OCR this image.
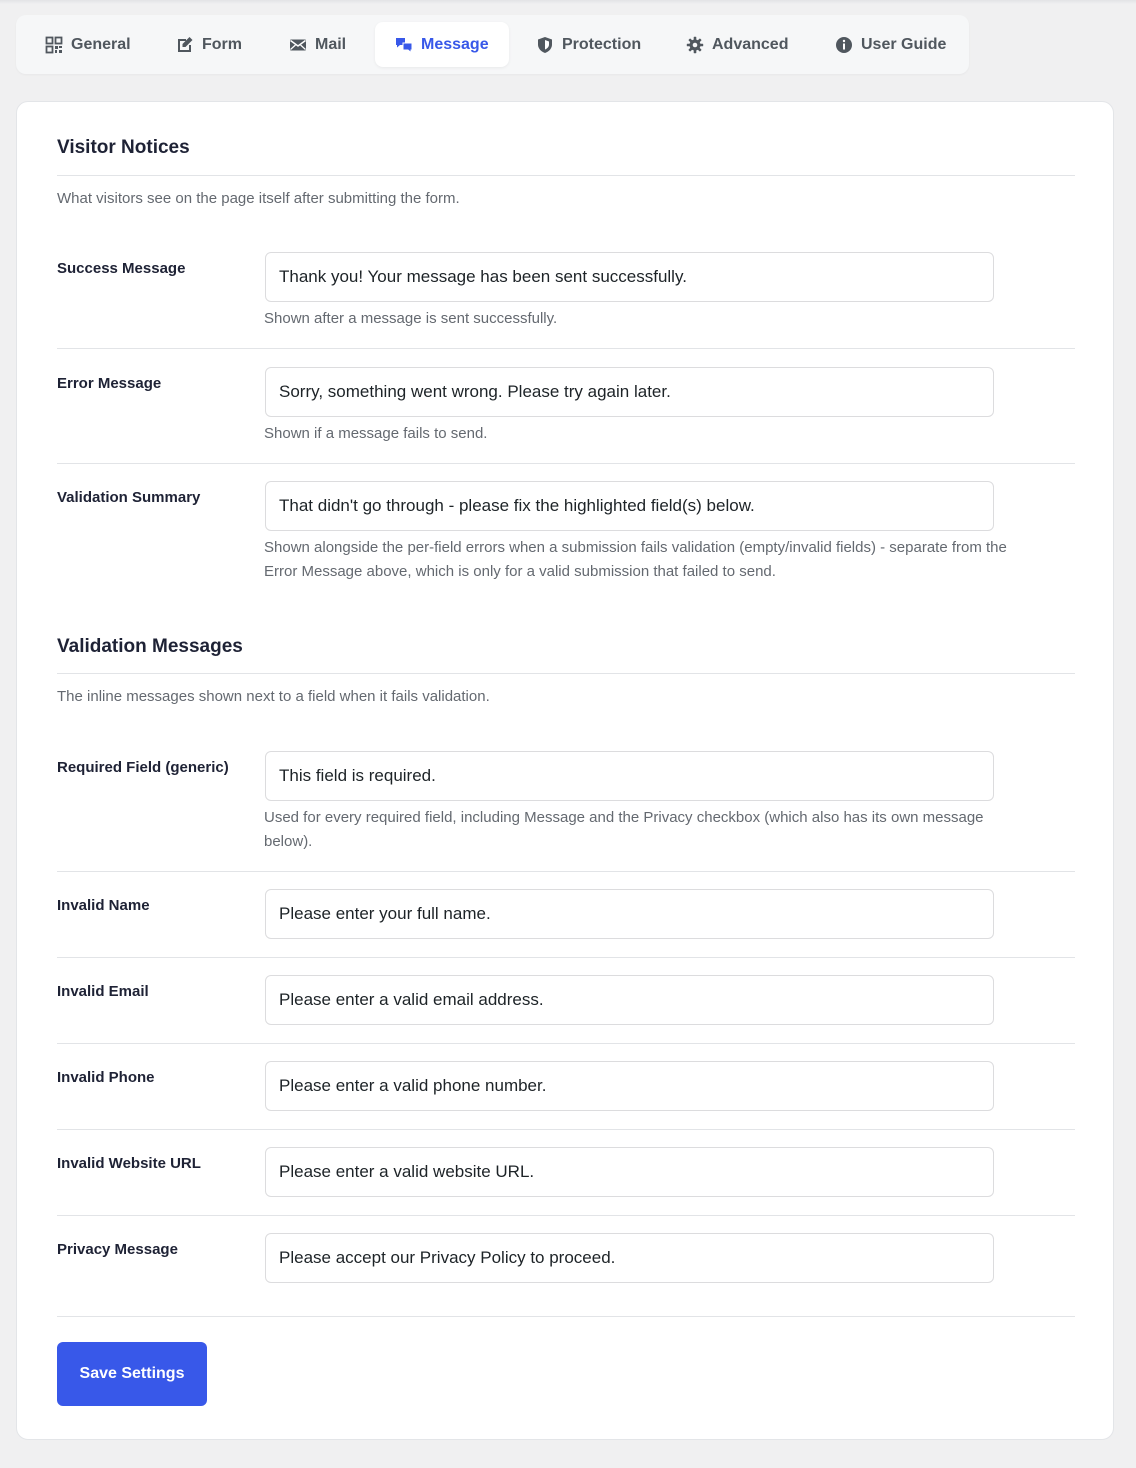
General	Form	Mail	Message	Protection	Advanced	User Guide
Visitor Notices
What visitors see on the page itself after submitting the form.
Success Message
Thank you! Your message has been sent successfully.
Shown after a message is sent successfully.
Error Message
Sorry, something went wrong. Please try again later.
Shown if a message fails to send.
Validation Summary
That didn't go through - please fix the highlighted field(s) below.
Shown alongside the per-field errors when a submission fails validation (empty/invalid fields) - separate from the Error Message above, which is only for a valid submission that failed to send.
Validation Messages
The inline messages shown next to a field when it fails validation.
Required Field (generic)
This field is required.
Used for every required field, including Message and the Privacy checkbox (which also has its own message below).
Invalid Name
Please enter your full name.
Invalid Email
Please enter a valid email address.
Invalid Phone
Please enter a valid phone number.
Invalid Website URL
Please enter a valid website URL.
Privacy Message
Please accept our Privacy Policy to proceed.
Save Settings
